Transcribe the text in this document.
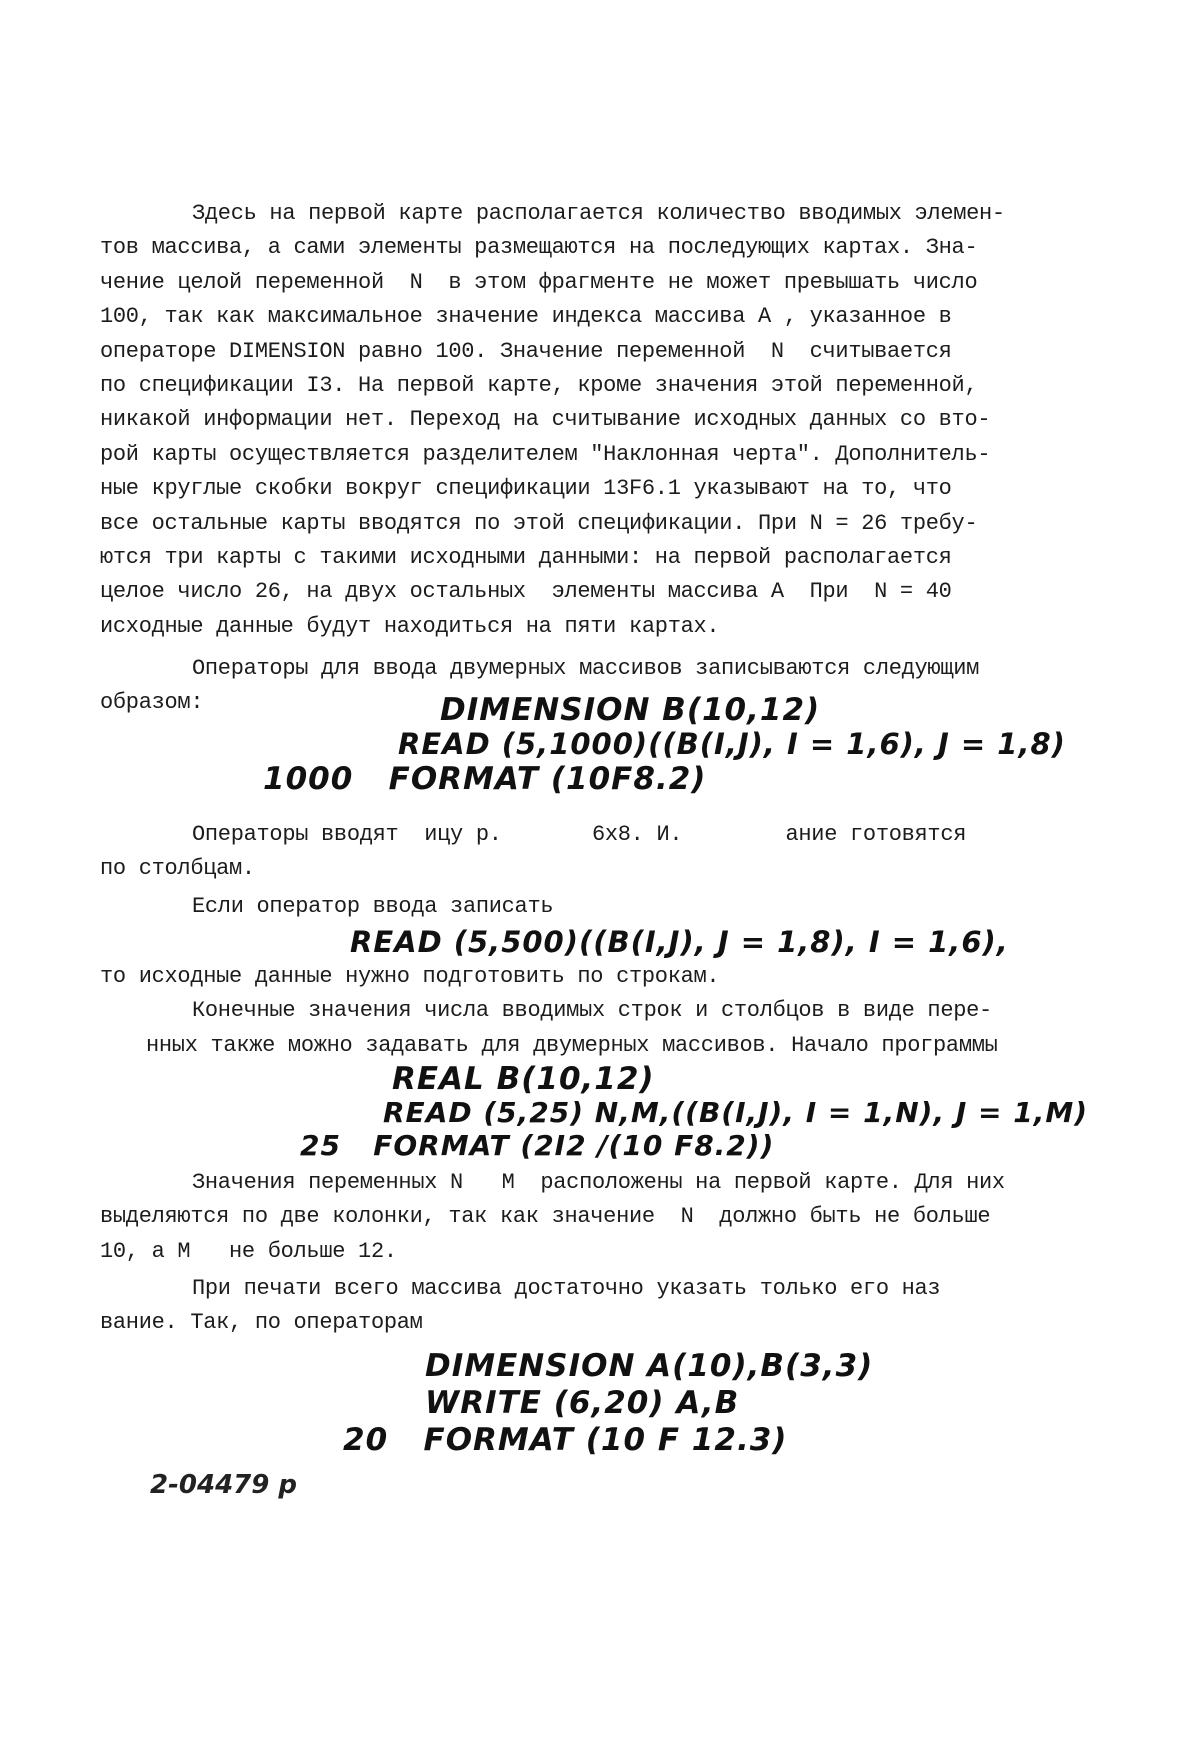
Здесь на первой карте располагается количество вводимых элемен-
тов массива, а сами элементы размещаются на последующих картах. Зна-
чение целой переменной  N  в этом фрагменте не может превышать число
100, так как максимальное значение индекса массива A , указанное в
операторе DIMENSION равно 100. Значение переменной  N  считывается
по спецификации I3. На первой карте, кроме значения этой переменной,
никакой информации нет. Переход на считывание исходных данных со вто-
рой карты осуществляется разделителем "Наклонная черта". Дополнитель-
ные круглые скобки вокруг спецификации 13F6.1 указывают на то, что
все остальные карты вводятся по этой спецификации. При N = 26 требу-
ются три карты с такими исходными данными: на первой располагается
целое число 26, на двух остальных  элементы массива A  При  N = 40
исходные данные будут находиться на пяти картах.
Операторы для ввода двумерных массивов записываются следующим
образом:	DIMENSION B(10,12)
READ (5,1000)((B(I,J), I = 1,6), J = 1,8)
1000   FORMAT (10F8.2)
Операторы вводят  ицу р.       6x8. И.        ание готовятся
по столбцам.
Если оператор ввода записать
READ (5,500)((B(I,J), J = 1,8), I = 1,6),
то исходные данные нужно подготовить по строкам.
Конечные значения числа вводимых строк и столбцов в виде пере-
нных также можно задавать для двумерных массивов. Начало программы
REAL B(10,12)
READ (5,25) N,M,((B(I,J), I = 1,N), J = 1,M)
25   FORMAT (2I2 /(10 F8.2))
Значения переменных N   M  расположены на первой карте. Для них
выделяются по две колонки, так как значение  N  должно быть не больше
10, а M   не больше 12.
При печати всего массива достаточно указать только его наз
вание. Так, по операторам
DIMENSION A(10),B(3,3)
WRITE (6,20) A,B
20   FORMAT (10 F 12.3)
2-04479 р
